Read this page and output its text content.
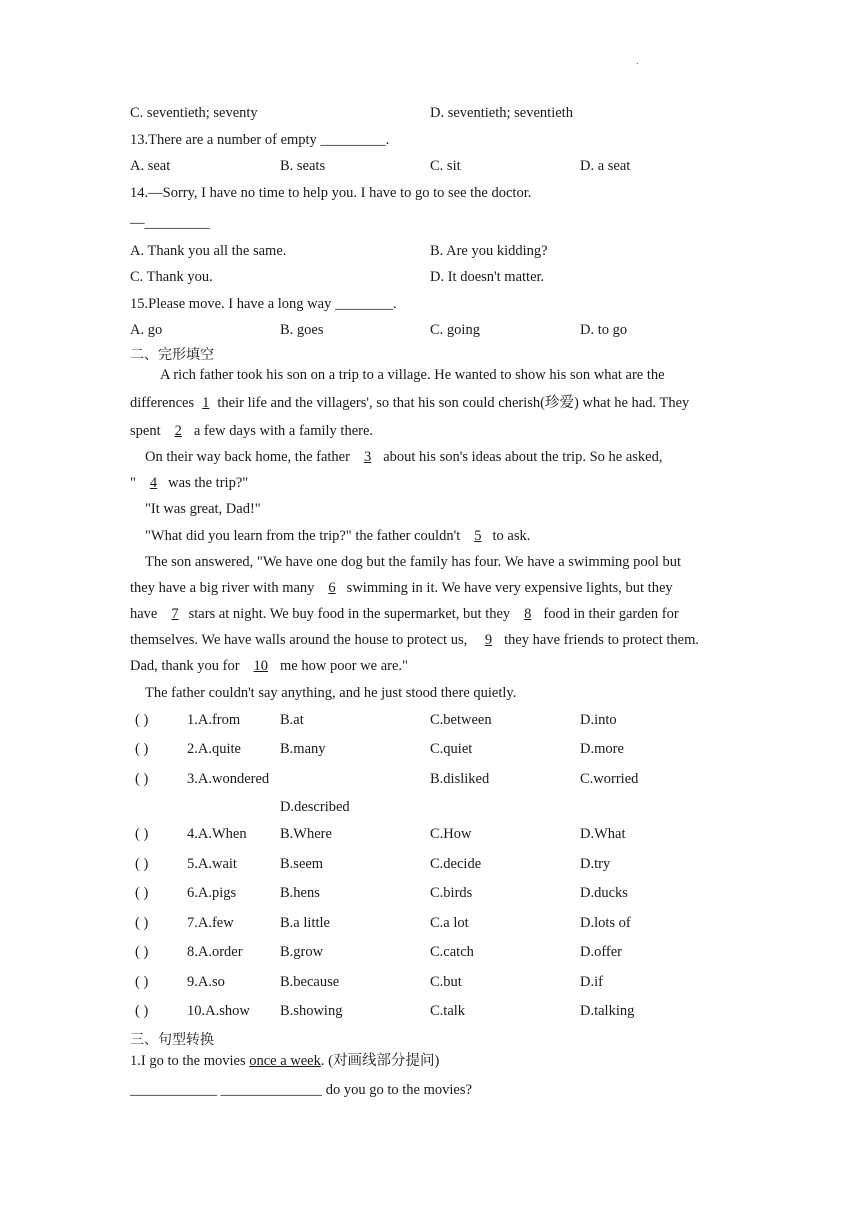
.
C. seventieth; seventy	D. seventieth; seventieth
13.There are a number of empty _________.
A. seat	B. seats	C. sit	D. a seat
14.—Sorry, I have no time to help you. I have to go to see the doctor.
—_________
A. Thank you all the same.	B. Are you kidding?
C. Thank you.	D. It doesn't matter.
15.Please move. I have a long way ________.
A. go	B. goes	C. going	D. to go
二、完形填空
A rich father took his son on a trip to a village. He wanted to show his son what are the
differences 1 their life and the villagers', so that his son could cherish(珍爱) what he had. They
spent 2 a few days with a family there.
On their way back home, the father 3 about his son's ideas about the trip. So he asked,
" 4 was the trip?"
"It was great, Dad!"
"What did you learn from the trip?" the father couldn't 5 to ask.
The son answered, "We have one dog but the family has four. We have a swimming pool but
they have a big river with many 6 swimming in it. We have very expensive lights, but they
have 7 stars at night. We buy food in the supermarket, but they 8 food in their garden for
themselves. We have walls around the house to protect us, 9 they have friends to protect them.
Dad, thank you for 10 me how poor we are."
The father couldn't say anything, and he just stood there quietly.
( )	1.A.from	B.at	C.between	D.into
( )	2.A.quite	B.many	C.quiet	D.more
( )	3.A.wondered	B.disliked	C.worried
D.described
( )	4.A.When B.Where	C.How	D.What
( )	5.A.wait	B.seem	C.decide	D.try
( )	6.A.pigs	B.hens	C.birds	D.ducks
( )	7.A.few	B.a little	C.a lot	D.lots of
( )	8.A.order	B.grow	C.catch	D.offer
( )	9.A.so	B.because	C.but	D.if
( )	10.A.show B.showing	C.talk	D.talking
三、句型转换
1.I go to the movies once a week. (对画线部分提问)
____________ ______________ do you go to the movies?
